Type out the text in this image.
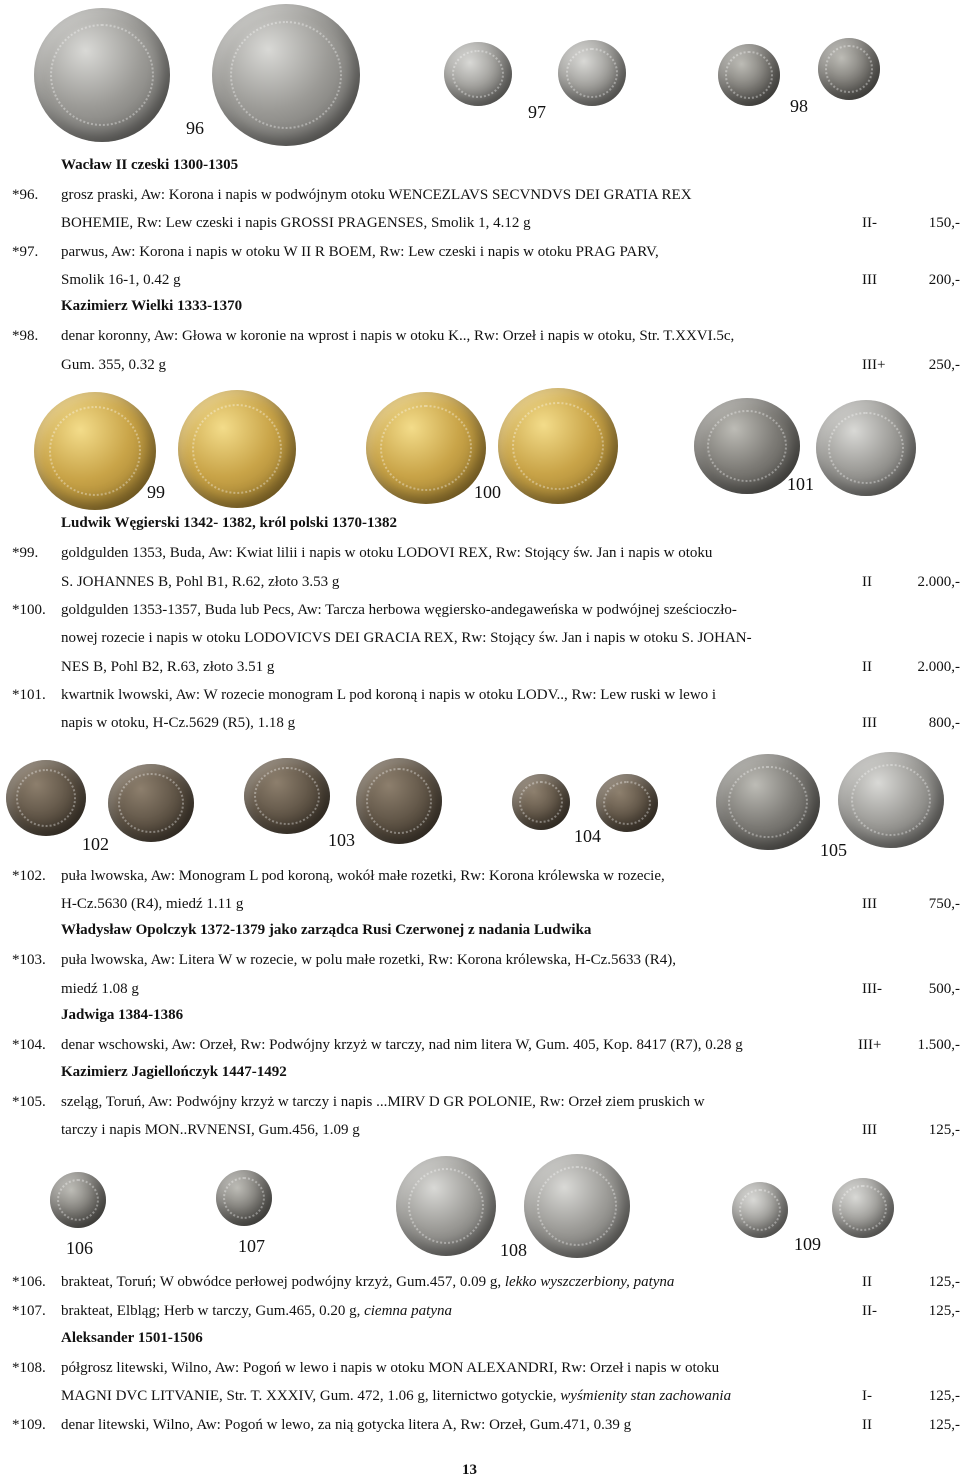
96
97	98
Wacław II czeski 1300-1305
*96. grosz praski, Aw: Korona i napis w podwójnym otoku WENCEZLAVS SECVNDVS DEI GRATIA REX
BOHEMIE, Rw: Lew czeski i napis GROSSI PRAGENSES, Smolik 1, 4.12 g	II-	150,-
*97. parwus, Aw: Korona i napis w otoku W II R BOEM, Rw: Lew czeski i napis w otoku PRAG PARV,
Smolik 16-1, 0.42 g	III	200,-
Kazimierz Wielki 1333-1370
*98. denar koronny, Aw: Głowa w koronie na wprost i napis w otoku K.., Rw: Orzeł i napis w otoku, Str. T.XXVI.5c,
Gum. 355, 0.32 g	III+	250,-
99	100	101
Ludwik Węgierski 1342- 1382, król polski 1370-1382
*99. goldgulden 1353, Buda, Aw: Kwiat lilii i napis w otoku LODOVI REX, Rw: Stojący św. Jan i napis w otoku
S. JOHANNES B, Pohl B1, R.62, złoto 3.53 g	II	2.000,-
*100. goldgulden 1353-1357, Buda lub Pecs, Aw: Tarcza herbowa węgiersko-andegaweńska w podwójnej sześcioczło-
nowej rozecie i napis w otoku LODOVICVS DEI GRACIA REX, Rw: Stojący św. Jan i napis w otoku S. JOHAN-
NES B, Pohl B2, R.63, złoto 3.51 g	II	2.000,-
*101. kwartnik lwowski, Aw: W rozecie monogram L pod koroną i napis w otoku LODV.., Rw: Lew ruski w lewo i
napis w otoku, H-Cz.5629 (R5), 1.18 g	III	800,-
102	103	104
105
*102. puła lwowska, Aw: Monogram L pod koroną, wokół małe rozetki, Rw: Korona królewska w rozecie,
H-Cz.5630 (R4), miedź 1.11 g	III	750,-
Władysław Opolczyk 1372-1379 jako zarządca Rusi Czerwonej z nadania Ludwika
*103. puła lwowska, Aw: Litera W w rozecie, w polu małe rozetki, Rw: Korona królewska, H-Cz.5633 (R4),
miedź 1.08 g	III-	500,-
Jadwiga 1384-1386
*104. denar wschowski, Aw: Orzeł, Rw: Podwójny krzyż w tarczy, nad nim litera W, Gum. 405, Kop. 8417 (R7), 0.28 g	III+ 1.500,-
Kazimierz Jagiellończyk 1447-1492
*105. szeląg, Toruń, Aw: Podwójny krzyż w tarczy i napis ...MIRV D GR POLONIE, Rw: Orzeł ziem pruskich w
tarczy i napis MON..RVNENSI, Gum.456, 1.09 g	III	125,-
106	107	108	109
*106. brakteat, Toruń; W obwódce perłowej podwójny krzyż, Gum.457, 0.09 g, lekko wyszczerbiony, patyna	II	125,-
*107. brakteat, Elbląg; Herb w tarczy, Gum.465, 0.20 g, ciemna patyna	II-	125,-
Aleksander 1501-1506
*108. półgrosz litewski, Wilno, Aw: Pogoń w lewo i napis w otoku MON ALEXANDRI, Rw: Orzeł i napis w otoku
MAGNI DVC LITVANIE, Str. T. XXXIV, Gum. 472, 1.06 g, liternictwo gotyckie, wyśmienity stan zachowania	I-	125,-
*109. denar litewski, Wilno, Aw: Pogoń w lewo, za nią gotycka litera A, Rw: Orzeł, Gum.471, 0.39 g	II	125,-
13
